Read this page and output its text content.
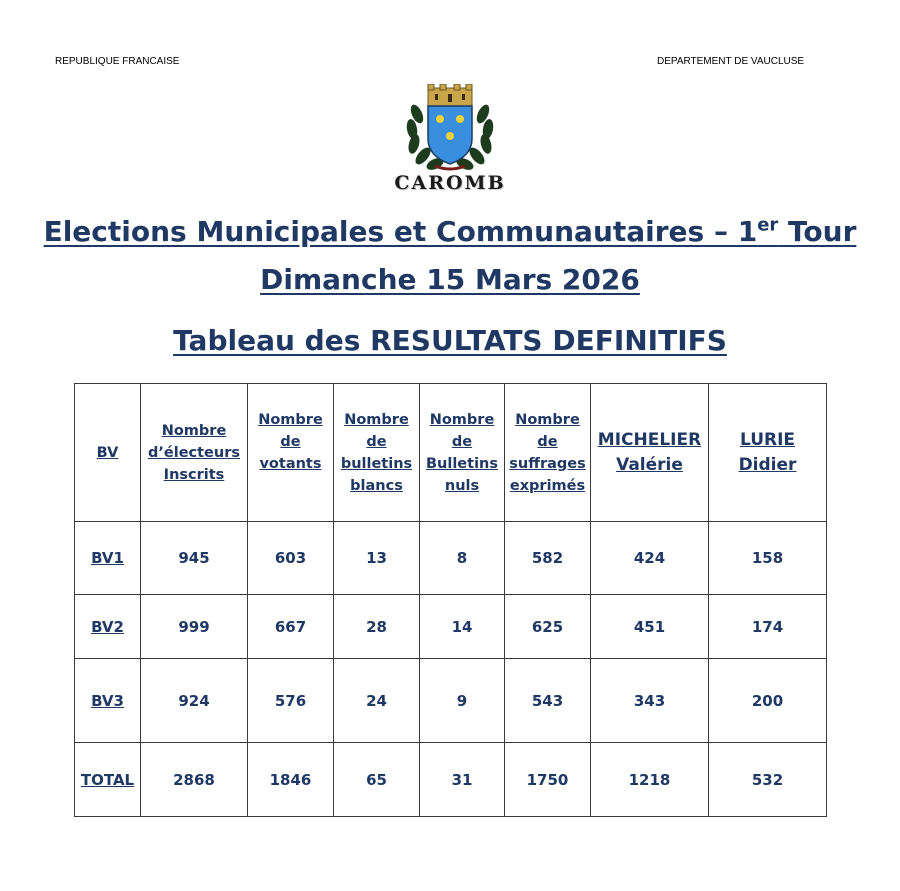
REPUBLIQUE FRANCAISE	DEPARTEMENT DE VAUCLUSE
CAROMB
Elections Municipales et Communautaires – 1er Tour
Dimanche 15 Mars 2026
Tableau des RESULTATS DEFINITIFS
BV	Nombre
d’électeurs
Inscrits	Nombre
de
votants	Nombre
de
bulletins
blancs	Nombre
de
Bulletins
nuls	Nombre
de
suffrages
exprimés	MICHELIER
Valérie	LURIE
Didier
BV1	945	603	13	8	582	424	158
BV2	999	667	28	14	625	451	174
BV3	924	576	24	9	543	343	200
TOTAL	2868	1846	65	31	1750	1218	532
